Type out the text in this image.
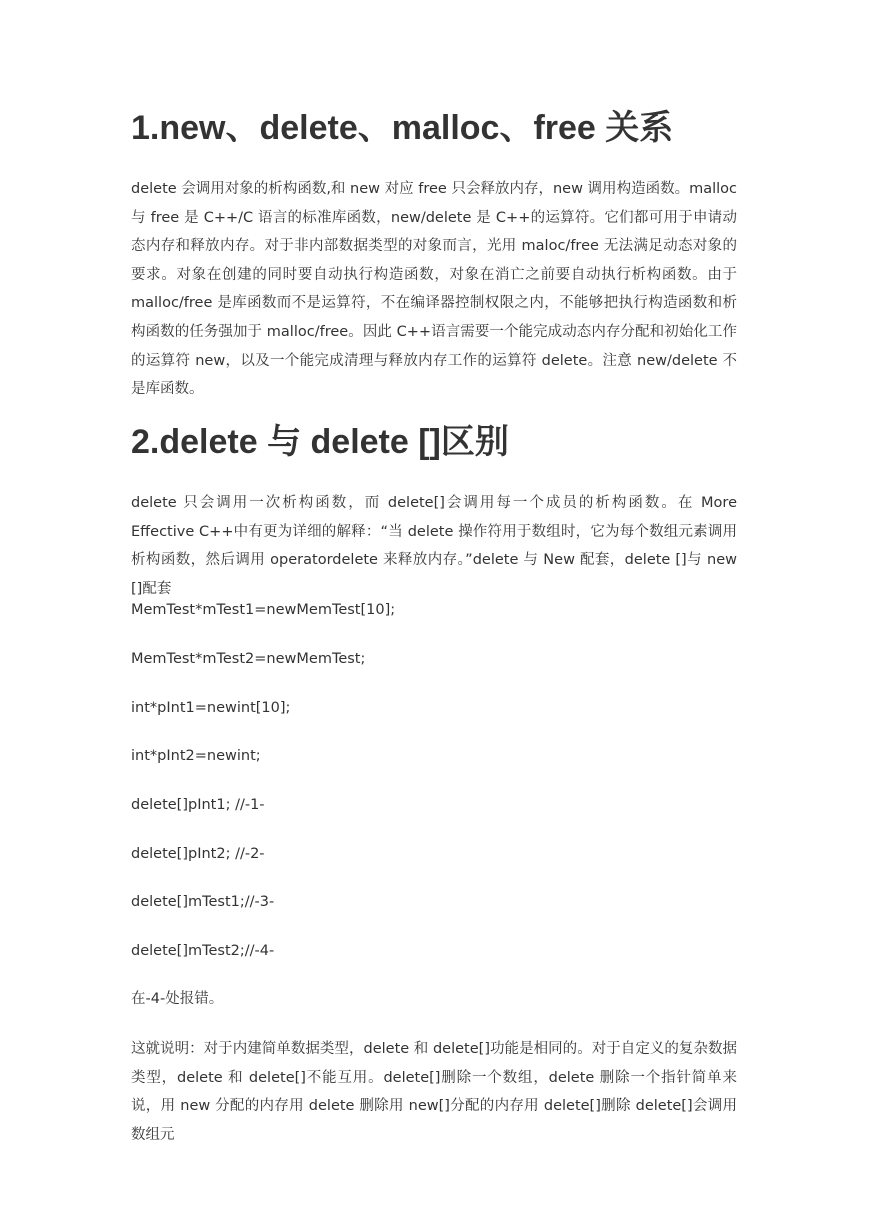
1.new、delete、malloc、free 关系

delete 会调用对象的析构函数,和 new 对应 free 只会释放内存，new 调用构造函数。malloc 与 free 是 C++/C 语言的标准库函数，new/delete 是 C++的运算符。它们都可用于申请动态内存和释放内存。对于非内部数据类型的对象而言，光用 maloc/free 无法满足动态对象的要求。对象在创建的同时要自动执行构造函数，对象在消亡之前要自动执行析构函数。由于 malloc/free 是库函数而不是运算符，不在编译器控制权限之内，不能够把执行构造函数和析构函数的任务强加于 malloc/free。因此 C++语言需要一个能完成动态内存分配和初始化工作的运算符 new，以及一个能完成清理与释放内存工作的运算符 delete。注意 new/delete 不是库函数。

2.delete 与 delete []区别

delete 只会调用一次析构函数，而 delete[]会调用每一个成员的析构函数。在 More Effective C++中有更为详细的解释：“当 delete 操作符用于数组时，它为每个数组元素调用析构函数，然后调用 operatordelete 来释放内存。”delete 与 New 配套，delete []与 new []配套

MemTest*mTest1=newMemTest[10];
MemTest*mTest2=newMemTest;
int*pInt1=newint[10];
int*pInt2=newint;
delete[]pInt1; //-1-
delete[]pInt2; //-2-
delete[]mTest1;//-3-
delete[]mTest2;//-4-
在-4-处报错。

这就说明：对于内建简单数据类型，delete 和 delete[]功能是相同的。对于自定义的复杂数据类型，delete 和 delete[]不能互用。delete[]删除一个数组，delete 删除一个指针简单来说，用 new 分配的内存用 delete 删除用 new[]分配的内存用 delete[]删除 delete[]会调用数组元
